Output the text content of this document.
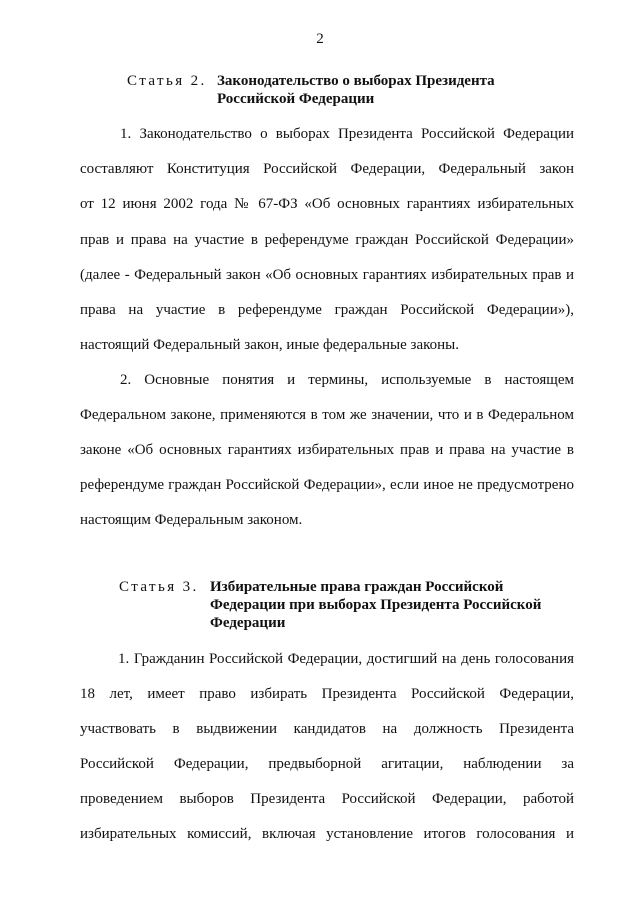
2
Статья 2. Законодательство о выборах Президента
Российской Федерации
1. Законодательство о выборах Президента Российской Федерации
составляют Конституция Российской Федерации, Федеральный закон
от 12 июня 2002 года № 67-ФЗ «Об основных гарантиях избирательных
прав и права на участие в референдуме граждан Российской Федерации»
(далее - Федеральный закон «Об основных гарантиях избирательных прав и
права на участие в референдуме граждан Российской Федерации»),
настоящий Федеральный закон, иные федеральные законы.
2. Основные понятия и термины, используемые в настоящем
Федеральном законе, применяются в том же значении, что и в Федеральном
законе «Об основных гарантиях избирательных прав и права на участие в
референдуме граждан Российской Федерации», если иное не предусмотрено
настоящим Федеральным законом.
Статья 3. Избирательные права граждан Российской
Федерации при выборах Президента Российской
Федерации
1. Гражданин Российской Федерации, достигший на день голосования
18 лет, имеет право избирать Президента Российской Федерации,
участвовать в выдвижении кандидатов на должность Президента
Российской Федерации, предвыборной агитации, наблюдении за
проведением выборов Президента Российской Федерации, работой
избирательных комиссий, включая установление итогов голосования и
